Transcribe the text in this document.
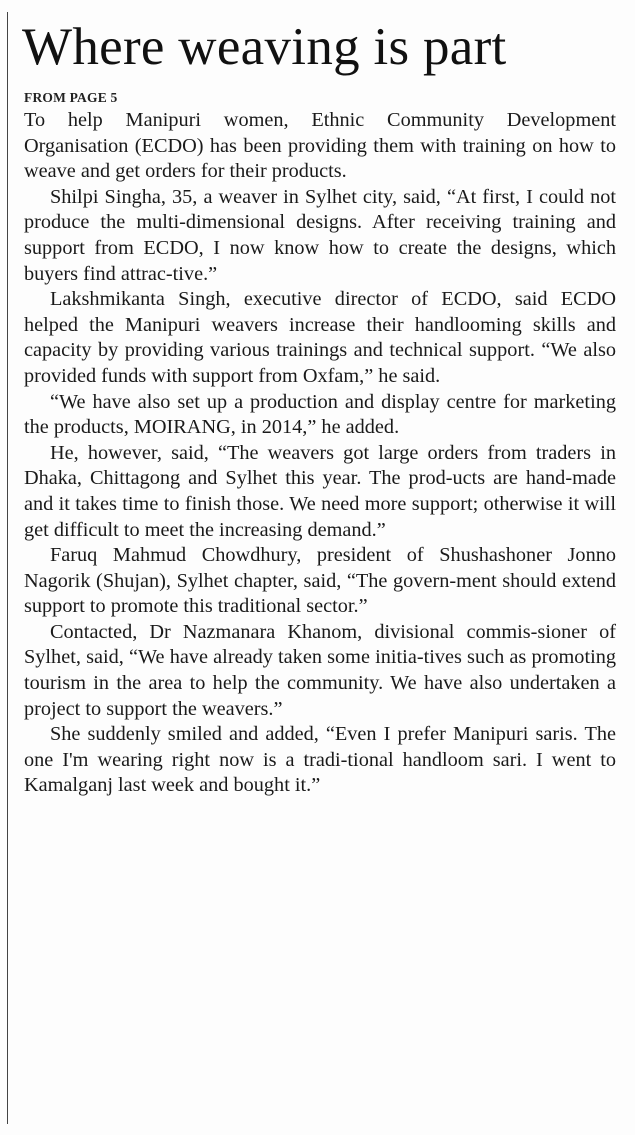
Where weaving is part
FROM PAGE 5

To help Manipuri women, Ethnic Community Development Organisation (ECDO) has been providing them with training on how to weave and get orders for their products.

Shilpi Singha, 35, a weaver in Sylhet city, said, “At first, I could not produce the multi-dimensional designs. After receiving training and support from ECDO, I now know how to create the designs, which buyers find attrac-tive.”

Lakshmikanta Singh, executive director of ECDO, said ECDO helped the Manipuri weavers increase their handlooming skills and capacity by providing various trainings and technical support. “We also provided funds with support from Oxfam,” he said.

“We have also set up a production and display centre for marketing the products, MOIRANG, in 2014,” he added.

He, however, said, “The weavers got large orders from traders in Dhaka, Chittagong and Sylhet this year. The prod-ucts are hand-made and it takes time to finish those. We need more support; otherwise it will get difficult to meet the increasing demand.”

Faruq Mahmud Chowdhury, president of Shushashoner Jonno Nagorik (Shujan), Sylhet chapter, said, “The govern-ment should extend support to promote this traditional sector.”

Contacted, Dr Nazmanara Khanom, divisional commis-sioner of Sylhet, said, “We have already taken some initia-tives such as promoting tourism in the area to help the community. We have also undertaken a project to support the weavers.”

She suddenly smiled and added, “Even I prefer Manipuri saris. The one I'm wearing right now is a tradi-tional handloom sari. I went to Kamalganj last week and bought it.”
